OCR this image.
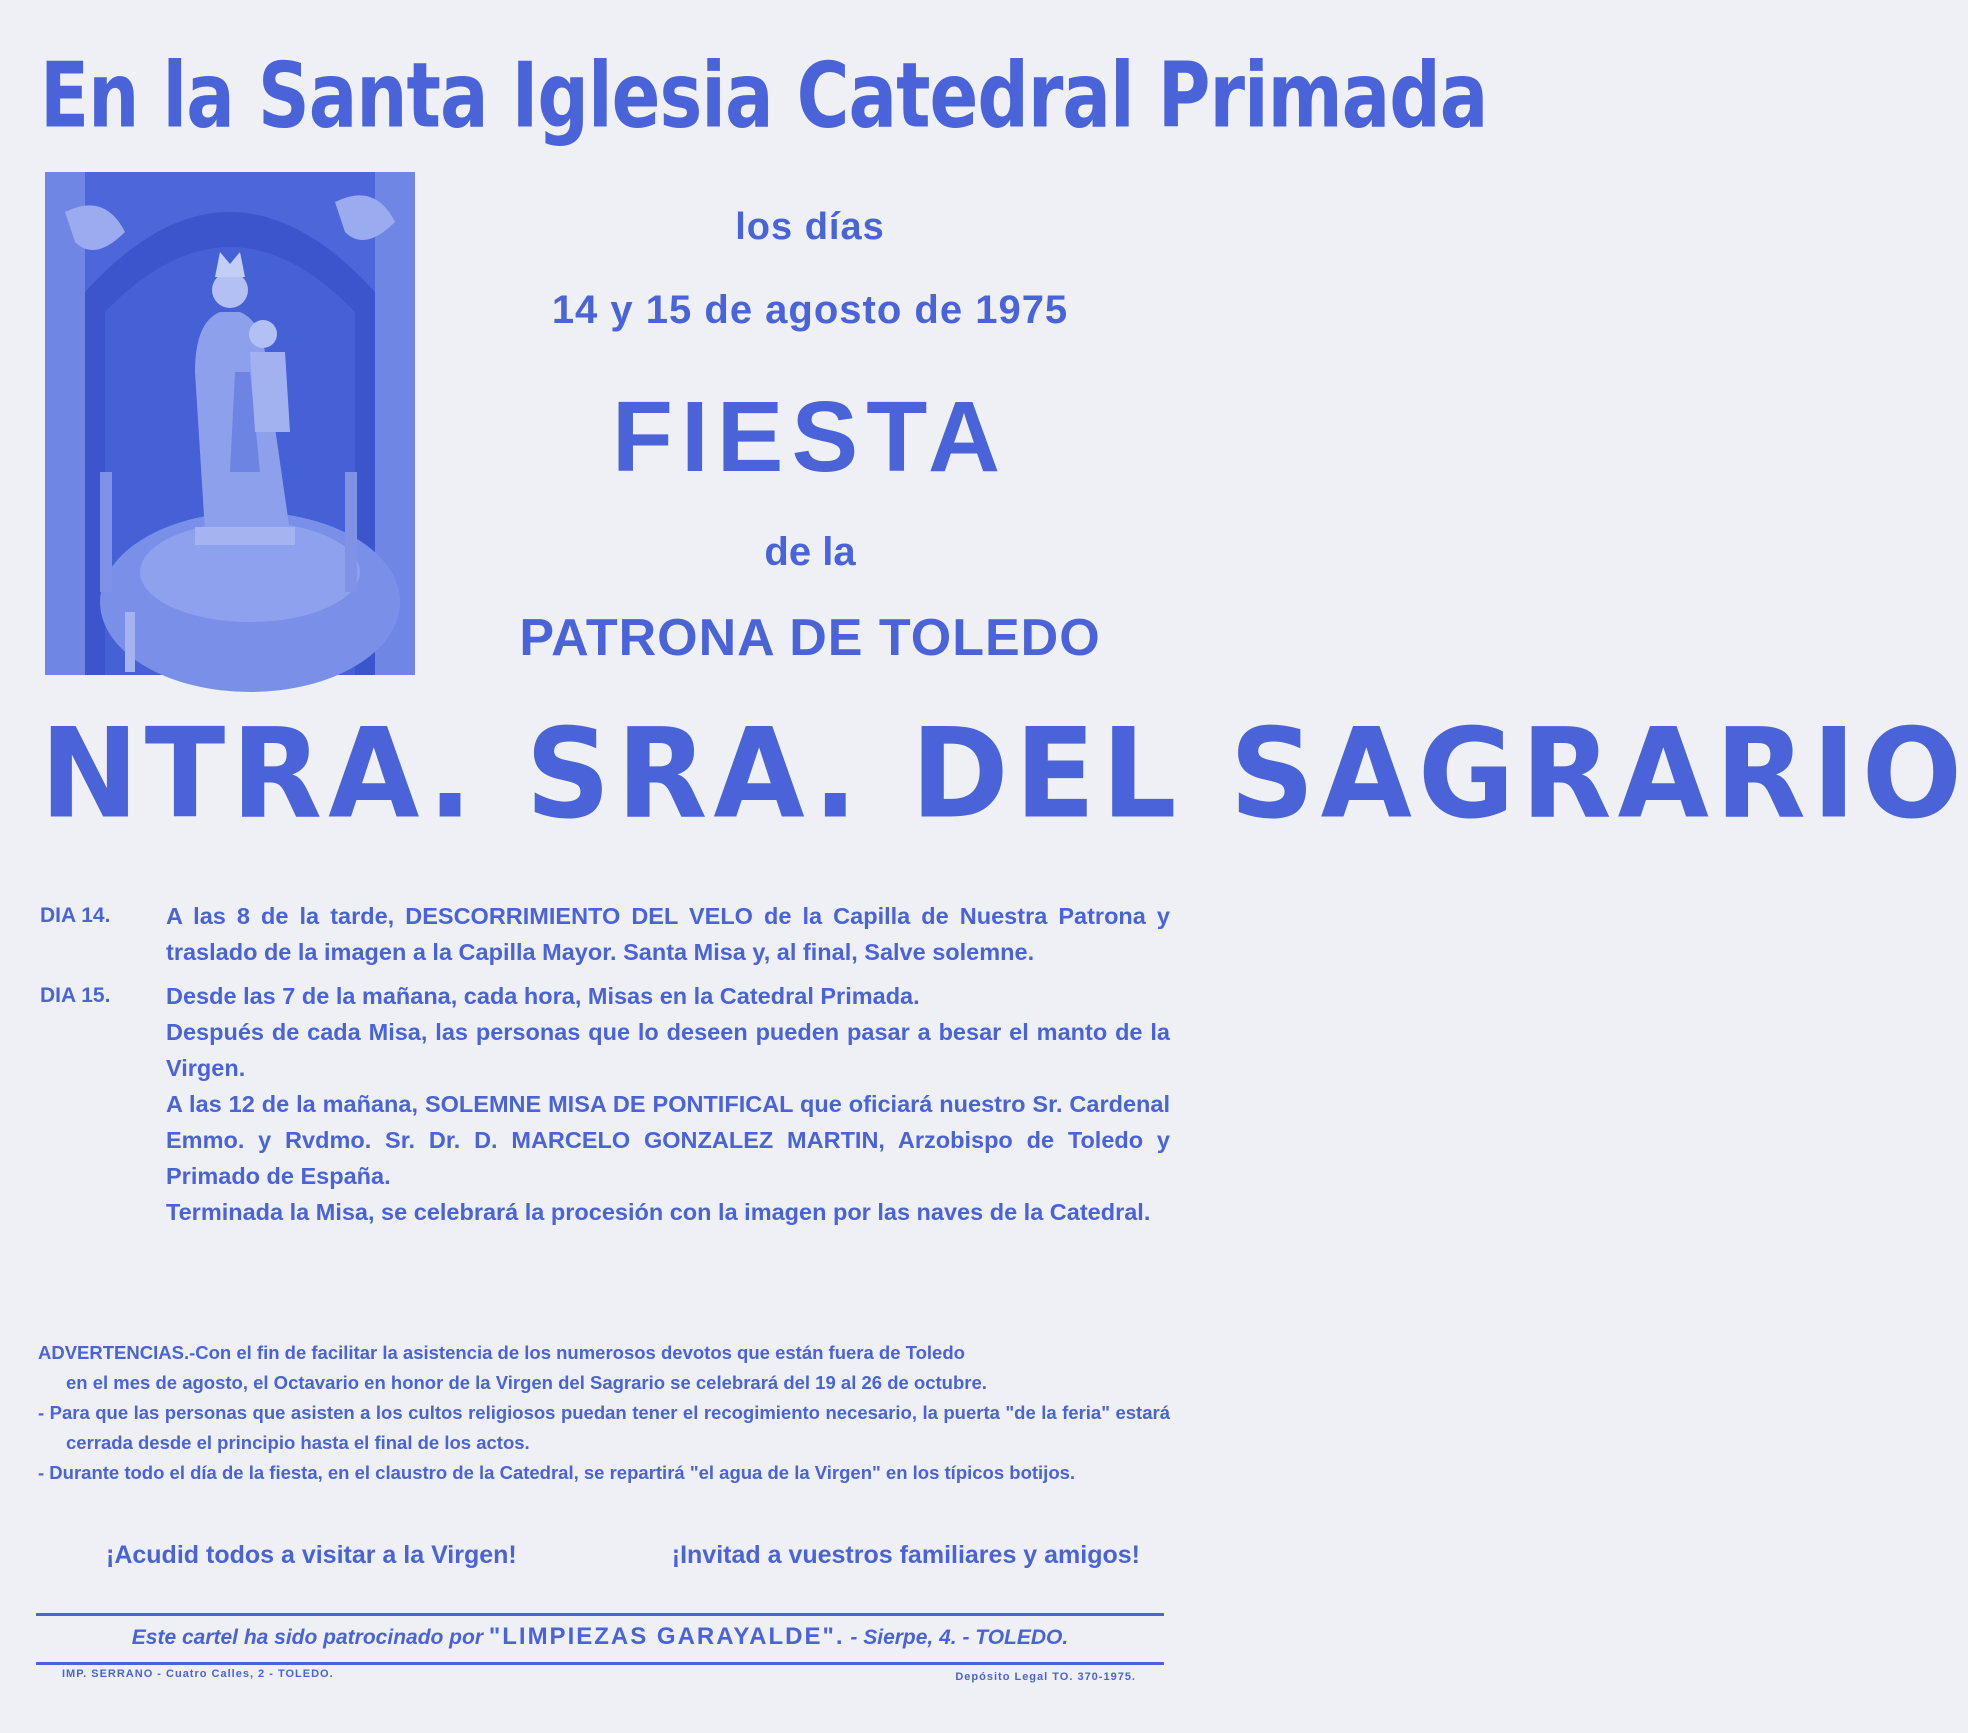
En la Santa Iglesia Catedral Primada
los días
14 y 15 de agosto de 1975
FIESTA
de la
PATRONA DE TOLEDO
NTRA. SRA. DEL SAGRARIO
DIA 14.	A las 8 de la tarde, DESCORRIMIENTO DEL VELO de la Capilla de Nuestra Patrona y traslado de la imagen a la Capilla Mayor. Santa Misa y, al final, Salve solemne.

DIA 15.	Desde las 7 de la mañana, cada hora, Misas en la Catedral Primada.

Después de cada Misa, las personas que lo deseen pueden pasar a besar el manto de la Virgen.

A las 12 de la mañana, SOLEMNE MISA DE PONTIFICAL que oficiará nuestro Sr. Cardenal Emmo. y Rvdmo. Sr. Dr. D. MARCELO GONZALEZ MARTIN, Arzobispo de Toledo y Primado de España.

Terminada la Misa, se celebrará la procesión con la imagen por las naves de la Catedral.

ADVERTENCIAS.-Con el fin de facilitar la asistencia de los numerosos devotos que están fuera de Toledo

en el mes de agosto, el Octavario en honor de la Virgen del Sagrario se celebrará del 19 al 26 de octubre.

- Para que las personas que asisten a los cultos religiosos puedan tener el recogimiento necesario, la puerta "de la feria" estará cerrada desde el principio hasta el final de los actos.

- Durante todo el día de la fiesta, en el claustro de la Catedral, se repartirá "el agua de la Virgen" en los típicos botijos.

¡Acudid todos a visitar a la Virgen!	¡Invitad a vuestros familiares y amigos!
Este cartel ha sido patrocinado por "LIMPIEZAS GARAYALDE". - Sierpe, 4. - TOLEDO.
IMP. SERRANO - Cuatro Calles, 2 - TOLEDO.	Depósito Legal TO. 370-1975.
